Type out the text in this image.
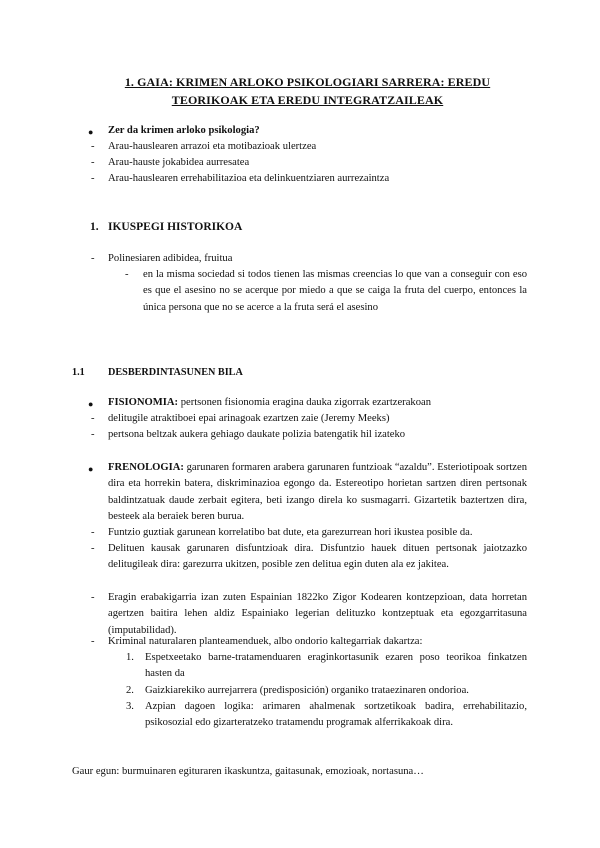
1. GAIA: KRIMEN ARLOKO PSIKOLOGIARI SARRERA: EREDU
TEORIKOAK ETA EREDU INTEGRATZAILEAK
● Zer da krimen arloko psikologia?
- Arau-hauslearen arrazoi eta motibazioak ulertzea
- Arau-hauste jokabidea aurresatea
- Arau-hauslearen errehabilitazioa eta delinkuentziaren aurrezaintza
1. IKUSPEGI HISTORIKOA
- Polinesiaren adibidea, fruitua
- en la misma sociedad si todos tienen las mismas creencias lo que van a conseguir con eso es que el asesino no se acerque por miedo a que se caiga la fruta del cuerpo, entonces la única persona que no se acerce a la fruta será el asesino
1.1 DESBERDINTASUNEN BILA
● FISIONOMIA: pertsonen fisionomia eragina dauka zigorrak ezartzerakoan
- delitugile atraktiboei epai arinagoak ezartzen zaie (Jeremy Meeks)
- pertsona beltzak aukera gehiago daukate polizia batengatik hil izateko
● FRENOLOGIA: garunaren formaren arabera garunaren funtzioak “azaldu”. Esteriotipoak sortzen dira eta horrekin batera, diskriminazioa egongo da. Estereotipo horietan sartzen diren pertsonak baldintzatuak daude zerbait egitera, beti izango direla ko susmagarri. Gizartetik baztertzen dira, besteek ala beraiek beren burua.
- Funtzio guztiak garunean korrelatibo bat dute, eta garezurrean hori ikustea posible da.
- Delituen kausak garunaren disfuntzioak dira. Disfuntzio hauek dituen pertsonak jaiotzazko delitugileak dira: garezurra ukitzen, posible zen delitua egin duten ala ez jakitea.
- Eragin erabakigarria izan zuten Espainian 1822ko Zigor Kodearen kontzepzioan, data horretan agertzen baitira lehen aldiz Espainiako legerian delituzko kontzeptuak eta egozgarritasuna (imputabilidad).
- Kriminal naturalaren planteamenduek, albo ondorio kaltegarriak dakartza:
1. Espetxeetako barne-tratamenduaren eraginkortasunik ezaren poso teorikoa finkatzen hasten da
2. Gaizkiarekiko aurrejarrera (predisposición) organiko trataezinaren ondorioa.
3. Azpian dagoen logika: arimaren ahalmenak sortzetikoak badira, errehabilitazio, psikosozial edo gizarteratzeko tratamendu programak alferrikakoak dira.
Gaur egun: burmuinaren egituraren ikaskuntza, gaitasunak, emozioak, nortasuna…
